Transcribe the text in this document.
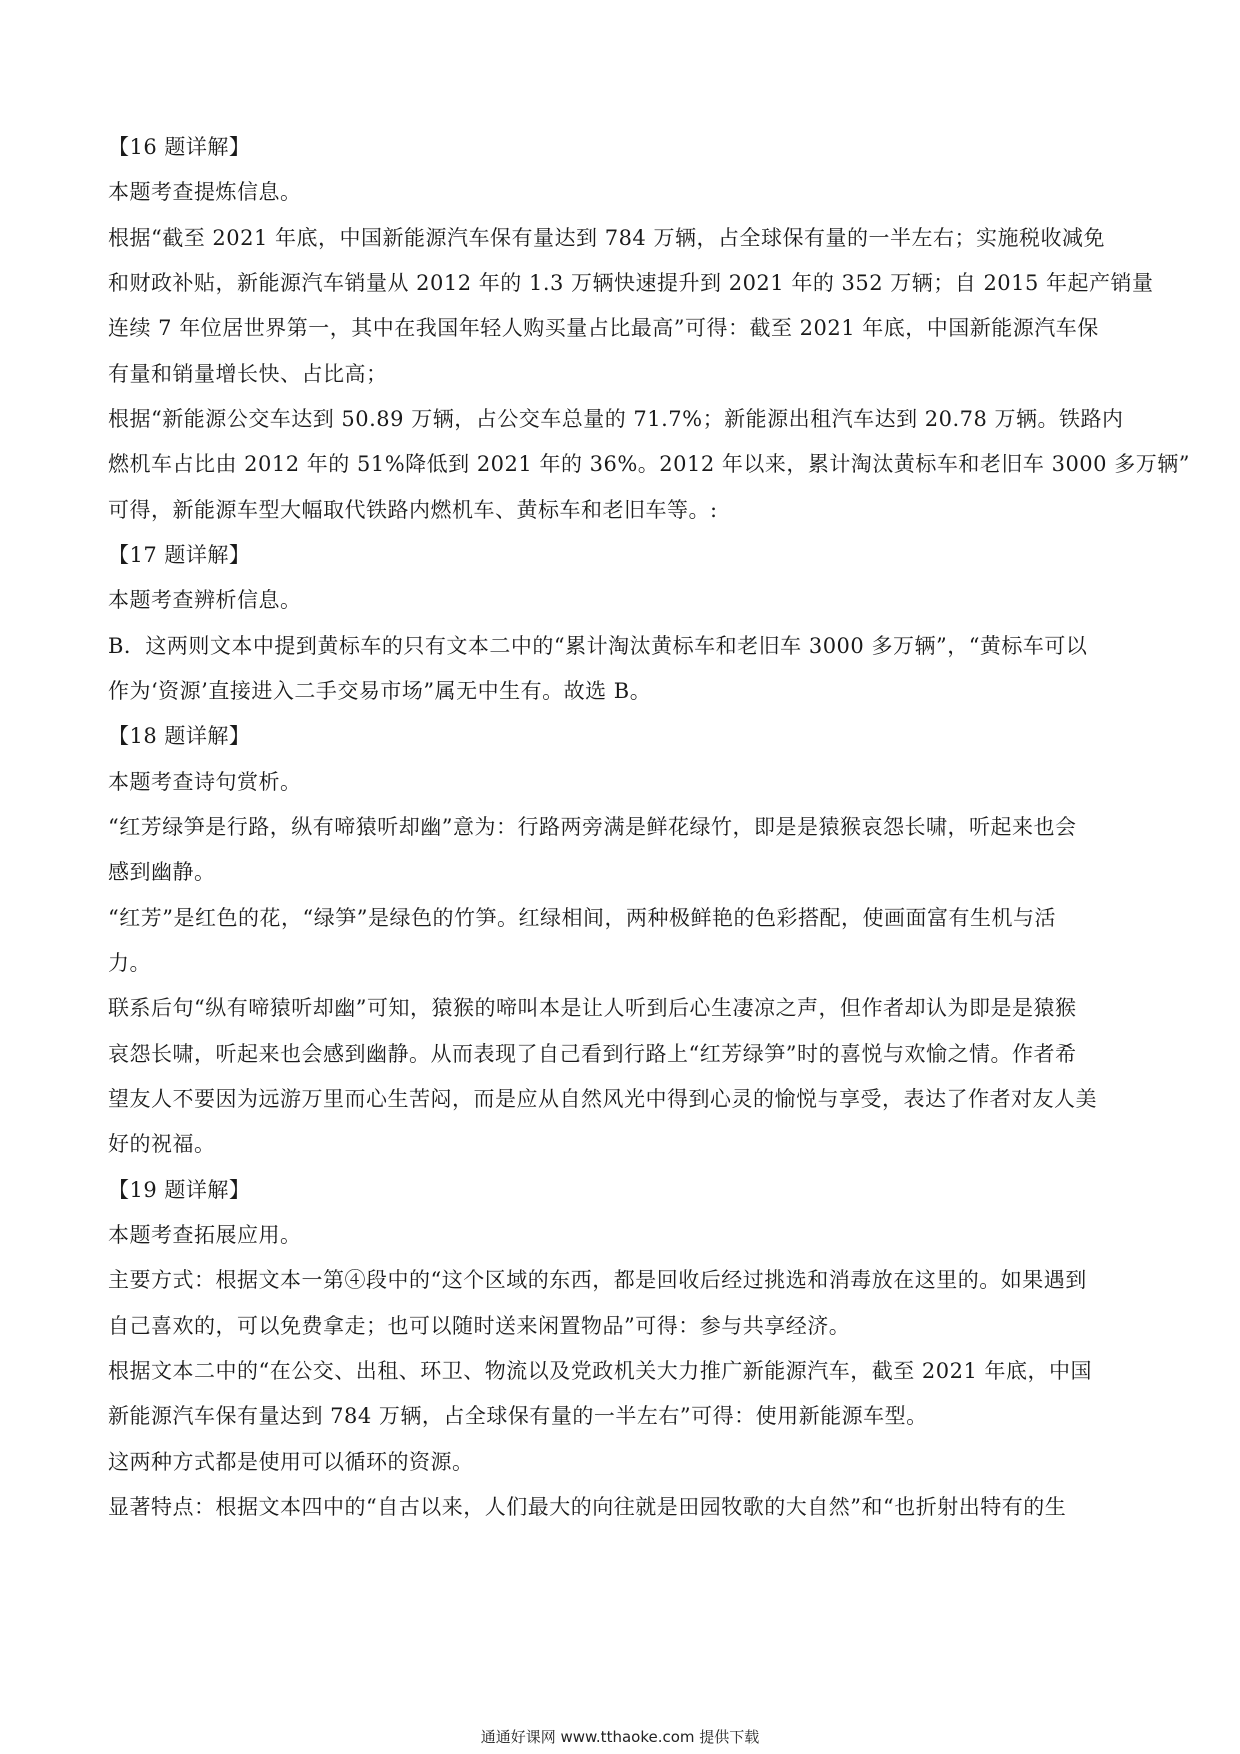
【16 题详解】
本题考查提炼信息。
根据“截至 2021 年底，中国新能源汽车保有量达到 784 万辆，占全球保有量的一半左右；实施税收减免
和财政补贴，新能源汽车销量从 2012 年的 1.3 万辆快速提升到 2021 年的 352 万辆；自 2015 年起产销量
连续 7 年位居世界第一，其中在我国年轻人购买量占比最高”可得：截至 2021 年底，中国新能源汽车保
有量和销量增长快、占比高；
根据“新能源公交车达到 50.89 万辆，占公交车总量的 71.7%；新能源出租汽车达到 20.78 万辆。铁路内
燃机车占比由 2012 年的 51%降低到 2021 年的 36%。2012 年以来，累计淘汰黄标车和老旧车 3000 多万辆”
可得，新能源车型大幅取代铁路内燃机车、黄标车和老旧车等。:
【17 题详解】
本题考查辨析信息。
B．这两则文本中提到黄标车的只有文本二中的“累计淘汰黄标车和老旧车 3000 多万辆”，“黄标车可以
作为‘资源’直接进入二手交易市场”属无中生有。故选 B。
【18 题详解】
本题考查诗句赏析。
“红芳绿笋是行路，纵有啼猿听却幽”意为：行路两旁满是鲜花绿竹，即是是猿猴哀怨长啸，听起来也会
感到幽静。
“红芳”是红色的花，“绿笋”是绿色的竹笋。红绿相间，两种极鲜艳的色彩搭配，使画面富有生机与活
力。
联系后句“纵有啼猿听却幽”可知，猿猴的啼叫本是让人听到后心生凄凉之声，但作者却认为即是是猿猴
哀怨长啸，听起来也会感到幽静。从而表现了自己看到行路上“红芳绿笋”时的喜悦与欢愉之情。作者希
望友人不要因为远游万里而心生苦闷，而是应从自然风光中得到心灵的愉悦与享受，表达了作者对友人美
好的祝福。
【19 题详解】
本题考查拓展应用。
主要方式：根据文本一第④段中的“这个区域的东西，都是回收后经过挑选和消毒放在这里的。如果遇到
自己喜欢的，可以免费拿走；也可以随时送来闲置物品”可得：参与共享经济。
根据文本二中的“在公交、出租、环卫、物流以及党政机关大力推广新能源汽车，截至 2021 年底，中国
新能源汽车保有量达到 784 万辆，占全球保有量的一半左右”可得：使用新能源车型。
这两种方式都是使用可以循环的资源。
显著特点：根据文本四中的“自古以来，人们最大的向往就是田园牧歌的大自然”和“也折射出特有的生
通通好课网 www.tthaoke.com 提供下载
